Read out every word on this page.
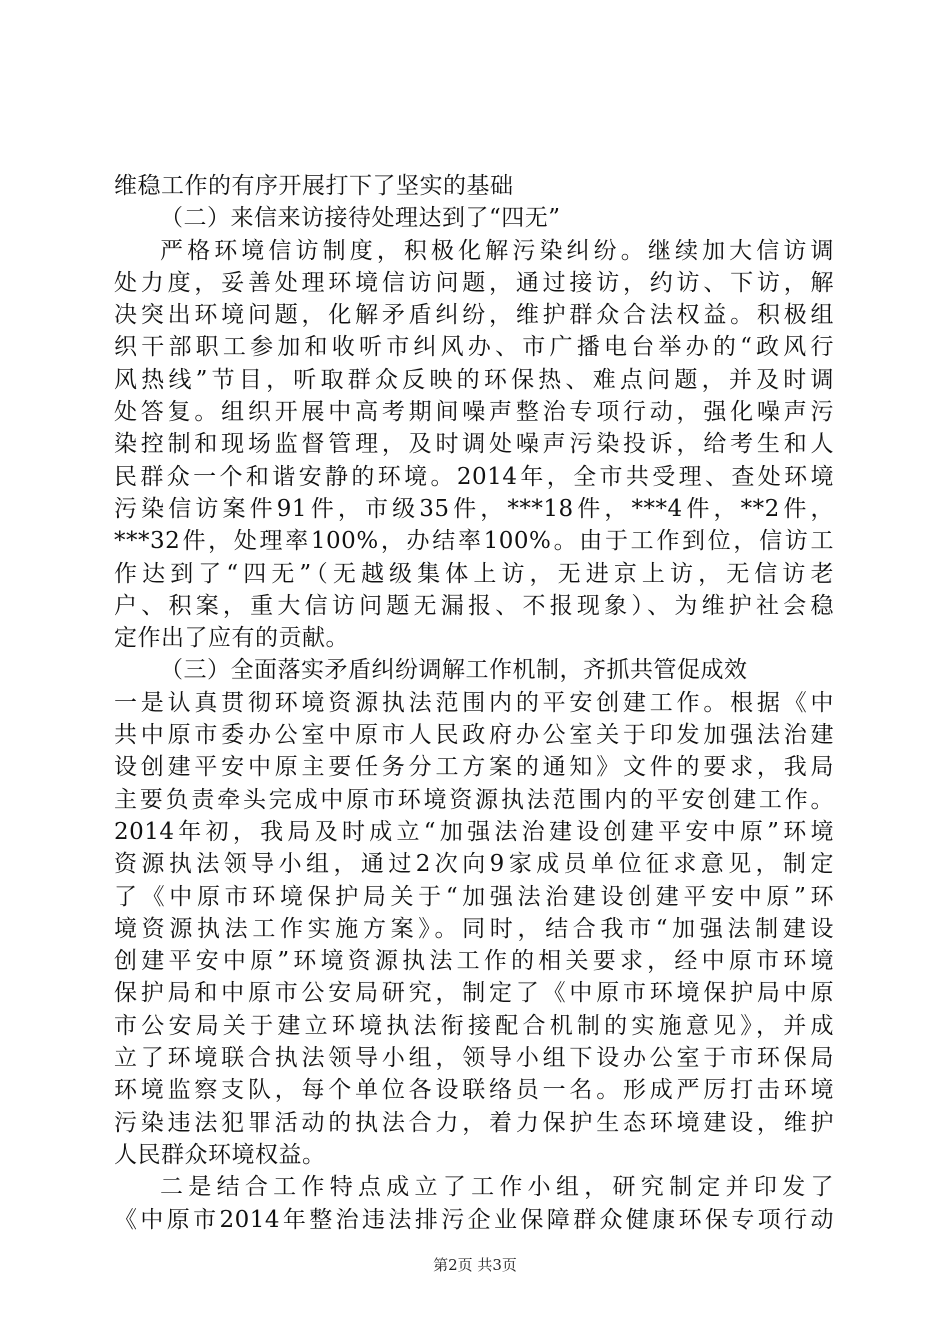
维稳工作的有序开展打下了坚实的基础
（二）来信来访接待处理达到了“四无”
严格环境信访制度，积极化解污染纠纷。继续加大信访调
处力度，妥善处理环境信访问题，通过接访，约访、下访，解
决突出环境问题，化解矛盾纠纷，维护群众合法权益。积极组
织干部职工参加和收听市纠风办、市广播电台举办的“政风行
风热线”节目，听取群众反映的环保热、难点问题，并及时调
处答复。组织开展中高考期间噪声整治专项行动，强化噪声污
染控制和现场监督管理，及时调处噪声污染投诉，给考生和人
民群众一个和谐安静的环境。2014年，全市共受理、查处环境
污染信访案件91件，市级35件，***18件，***4件，**2件，
***32件，处理率100%，办结率100%。由于工作到位，信访工
作达到了“四无”（无越级集体上访，无进京上访，无信访老
户、积案，重大信访问题无漏报、不报现象）、为维护社会稳
定作出了应有的贡献。
（三）全面落实矛盾纠纷调解工作机制，齐抓共管促成效
一是认真贯彻环境资源执法范围内的平安创建工作。根据《中
共中原市委办公室中原市人民政府办公室关于印发加强法治建
设创建平安中原主要任务分工方案的通知》文件的要求，我局
主要负责牵头完成中原市环境资源执法范围内的平安创建工作。
2014年初，我局及时成立“加强法治建设创建平安中原”环境
资源执法领导小组，通过2次向9家成员单位征求意见，制定
了《中原市环境保护局关于“加强法治建设创建平安中原”环
境资源执法工作实施方案》。同时，结合我市“加强法制建设
创建平安中原”环境资源执法工作的相关要求，经中原市环境
保护局和中原市公安局研究，制定了《中原市环境保护局中原
市公安局关于建立环境执法衔接配合机制的实施意见》，并成
立了环境联合执法领导小组，领导小组下设办公室于市环保局
环境监察支队，每个单位各设联络员一名。形成严厉打击环境
污染违法犯罪活动的执法合力，着力保护生态环境建设，维护
人民群众环境权益。
二是结合工作特点成立了工作小组，研究制定并印发了
《中原市2014年整治违法排污企业保障群众健康环保专项行动
第2页 共3页
